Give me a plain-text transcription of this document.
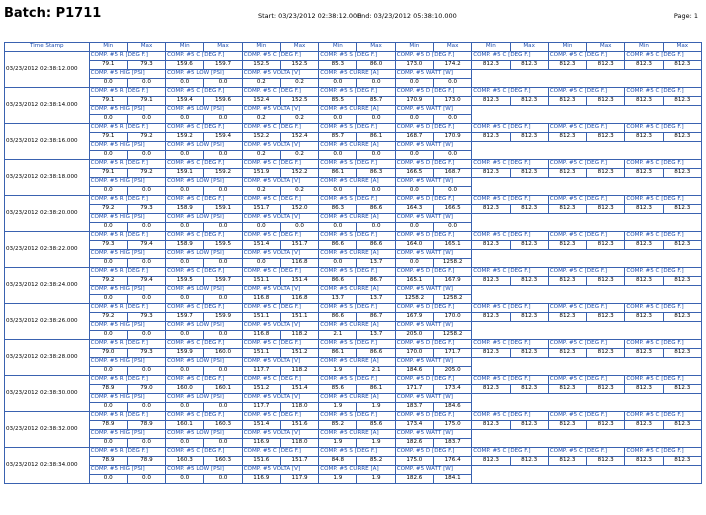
Batch: P1711	Start: 03/23/2012 02:38:12.000
End: 03/23/2012 05:38:10.000	Page: 1
Time Stamp	Min	Max	Min	Max	Min	Max	Min	Max	Min	Max	Min	Max	Min	Max	Min	Max
03/23/2012 02:38:12.000	COMP. #5 R [DEG F.]		COMP. #5 C [DEG F.]		COMP. #5 C [DEG F.]		COMP. #5 S [DEG F.]		COMP. #5 D [DEG F.]		COMP. #5 C [DEG F.]		COMP. #5 C [DEG F.]		COMP. #5 C [DEG F.]	
	79.1	79.3	159.6	159.7	152.5	152.5	85.3	86.0	173.0	174.2	812.3	812.3	812.3	812.3	812.3	812.3
	COMP. #5 HIG [PSI]		COMP. #5 LOW [PSI]		COMP. #5 VOLTA [V]		COMP. #5 CURRE [A]		COMP. #5 WATT [W]							
	0.0	0.0	0.0	0.0	0.2	0.2	0.0	0.0	0.0	0.0						
03/23/2012 02:38:14.000	COMP. #5 R [DEG F.]		COMP. #5 C [DEG F.]		COMP. #5 C [DEG F.]		COMP. #5 S [DEG F.]		COMP. #5 D [DEG F.]		COMP. #5 C [DEG F.]		COMP. #5 C [DEG F.]		COMP. #5 C [DEG F.]	
	79.1	79.1	159.4	159.6	152.4	152.5	85.5	85.7	170.9	173.0	812.3	812.3	812.3	812.3	812.3	812.3
	COMP. #5 HIG [PSI]		COMP. #5 LOW [PSI]		COMP. #5 VOLTA [V]		COMP. #5 CURRE [A]		COMP. #5 WATT [W]							
	0.0	0.0	0.0	0.0	0.2	0.2	0.0	0.0	0.0	0.0						
03/23/2012 02:38:16.000	COMP. #5 R [DEG F.]		COMP. #5 C [DEG F.]		COMP. #5 C [DEG F.]		COMP. #5 S [DEG F.]		COMP. #5 D [DEG F.]		COMP. #5 C [DEG F.]		COMP. #5 C [DEG F.]		COMP. #5 C [DEG F.]	
	79.1	79.2	159.2	159.4	152.2	152.4	85.7	86.1	168.7	170.9	812.3	812.3	812.3	812.3	812.3	812.3
	COMP. #5 HIG [PSI]		COMP. #5 LOW [PSI]		COMP. #5 VOLTA [V]		COMP. #5 CURRE [A]		COMP. #5 WATT [W]							
	0.0	0.0	0.0	0.0	0.2	0.2	0.0	0.0	0.0	0.0						
03/23/2012 02:38:18.000	COMP. #5 R [DEG F.]		COMP. #5 C [DEG F.]		COMP. #5 C [DEG F.]		COMP. #5 S [DEG F.]		COMP. #5 D [DEG F.]		COMP. #5 C [DEG F.]		COMP. #5 C [DEG F.]		COMP. #5 C [DEG F.]	
	79.1	79.2	159.1	159.2	151.9	152.2	86.1	86.3	166.5	168.7	812.3	812.3	812.3	812.3	812.3	812.3
	COMP. #5 HIG [PSI]		COMP. #5 LOW [PSI]		COMP. #5 VOLTA [V]		COMP. #5 CURRE [A]		COMP. #5 WATT [W]							
	0.0	0.0	0.0	0.0	0.2	0.2	0.0	0.0	0.0	0.0						
03/23/2012 02:38:20.000	COMP. #5 R [DEG F.]		COMP. #5 C [DEG F.]		COMP. #5 C [DEG F.]		COMP. #5 S [DEG F.]		COMP. #5 D [DEG F.]		COMP. #5 C [DEG F.]		COMP. #5 C [DEG F.]		COMP. #5 C [DEG F.]	
	79.2	79.3	158.9	159.1	151.7	152.0	86.3	86.6	164.3	166.5	812.3	812.3	812.3	812.3	812.3	812.3
	COMP. #5 HIG [PSI]		COMP. #5 LOW [PSI]		COMP. #5 VOLTA [V]		COMP. #5 CURRE [A]		COMP. #5 WATT [W]							
	0.0	0.0	0.0	0.0	0.0	0.0	0.0	0.0	0.0	0.0						
03/23/2012 02:38:22.000	COMP. #5 R [DEG F.]		COMP. #5 C [DEG F.]		COMP. #5 C [DEG F.]		COMP. #5 S [DEG F.]		COMP. #5 D [DEG F.]		COMP. #5 C [DEG F.]		COMP. #5 C [DEG F.]		COMP. #5 C [DEG F.]	
	79.3	79.4	158.9	159.5	151.4	151.7	86.6	86.6	164.0	165.1	812.3	812.3	812.3	812.3	812.3	812.3
	COMP. #5 HIG [PSI]		COMP. #5 LOW [PSI]		COMP. #5 VOLTA [V]		COMP. #5 CURRE [A]		COMP. #5 WATT [W]							
	0.0	0.0	0.0	0.0	0.0	116.8	0.0	13.7	0.0	1258.2						
03/23/2012 02:38:24.000	COMP. #5 R [DEG F.]		COMP. #5 C [DEG F.]		COMP. #5 C [DEG F.]		COMP. #5 S [DEG F.]		COMP. #5 D [DEG F.]		COMP. #5 C [DEG F.]		COMP. #5 C [DEG F.]		COMP. #5 C [DEG F.]	
	79.2	79.4	159.5	159.7	151.1	151.4	86.6	86.7	165.1	167.9	812.3	812.3	812.3	812.3	812.3	812.3
	COMP. #5 HIG [PSI]		COMP. #5 LOW [PSI]		COMP. #5 VOLTA [V]		COMP. #5 CURRE [A]		COMP. #5 WATT [W]							
	0.0	0.0	0.0	0.0	116.8	116.8	13.7	13.7	1258.2	1258.2						
03/23/2012 02:38:26.000	COMP. #5 R [DEG F.]		COMP. #5 C [DEG F.]		COMP. #5 C [DEG F.]		COMP. #5 S [DEG F.]		COMP. #5 D [DEG F.]		COMP. #5 C [DEG F.]		COMP. #5 C [DEG F.]		COMP. #5 C [DEG F.]	
	79.2	79.3	159.7	159.9	151.1	151.1	86.6	86.7	167.9	170.0	812.3	812.3	812.3	812.3	812.3	812.3
	COMP. #5 HIG [PSI]		COMP. #5 LOW [PSI]		COMP. #5 VOLTA [V]		COMP. #5 CURRE [A]		COMP. #5 WATT [W]							
	0.0	0.0	0.0	0.0	116.8	118.2	2.1	13.7	205.0	1258.2						
03/23/2012 02:38:28.000	COMP. #5 R [DEG F.]		COMP. #5 C [DEG F.]		COMP. #5 C [DEG F.]		COMP. #5 S [DEG F.]		COMP. #5 D [DEG F.]		COMP. #5 C [DEG F.]		COMP. #5 C [DEG F.]		COMP. #5 C [DEG F.]	
	79.0	79.3	159.9	160.0	151.1	151.2	86.1	86.6	170.0	171.7	812.3	812.3	812.3	812.3	812.3	812.3
	COMP. #5 HIG [PSI]		COMP. #5 LOW [PSI]		COMP. #5 VOLTA [V]		COMP. #5 CURRE [A]		COMP. #5 WATT [W]							
	0.0	0.0	0.0	0.0	117.7	118.2	1.9	2.1	184.6	205.0						
03/23/2012 02:38:30.000	COMP. #5 R [DEG F.]		COMP. #5 C [DEG F.]		COMP. #5 C [DEG F.]		COMP. #5 S [DEG F.]		COMP. #5 D [DEG F.]		COMP. #5 C [DEG F.]		COMP. #5 C [DEG F.]		COMP. #5 C [DEG F.]	
	78.9	79.0	160.0	160.1	151.2	151.4	85.6	86.1	171.7	173.4	812.3	812.3	812.3	812.3	812.3	812.3
	COMP. #5 HIG [PSI]		COMP. #5 LOW [PSI]		COMP. #5 VOLTA [V]		COMP. #5 CURRE [A]		COMP. #5 WATT [W]							
	0.0	0.0	0.0	0.0	117.7	118.0	1.9	1.9	183.7	184.6						
03/23/2012 02:38:32.000	COMP. #5 R [DEG F.]		COMP. #5 C [DEG F.]		COMP. #5 C [DEG F.]		COMP. #5 S [DEG F.]		COMP. #5 D [DEG F.]		COMP. #5 C [DEG F.]		COMP. #5 C [DEG F.]		COMP. #5 C [DEG F.]	
	78.9	78.9	160.1	160.3	151.4	151.6	85.2	85.6	173.4	175.0	812.3	812.3	812.3	812.3	812.3	812.3
	COMP. #5 HIG [PSI]		COMP. #5 LOW [PSI]		COMP. #5 VOLTA [V]		COMP. #5 CURRE [A]		COMP. #5 WATT [W]							
	0.0	0.0	0.0	0.0	116.9	118.0	1.9	1.9	182.6	183.7						
03/23/2012 02:38:34.000	COMP. #5 R [DEG F.]		COMP. #5 C [DEG F.]		COMP. #5 C [DEG F.]		COMP. #5 S [DEG F.]		COMP. #5 D [DEG F.]		COMP. #5 C [DEG F.]		COMP. #5 C [DEG F.]		COMP. #5 C [DEG F.]	
	78.9	78.9	160.3	160.3	151.6	151.7	84.8	85.2	175.0	176.4	812.3	812.3	812.3	812.3	812.3	812.3
	COMP. #5 HIG [PSI]		COMP. #5 LOW [PSI]		COMP. #5 VOLTA [V]		COMP. #5 CURRE [A]		COMP. #5 WATT [W]							
	0.0	0.0	0.0	0.0	116.9	117.9	1.9	1.9	182.6	184.1						
